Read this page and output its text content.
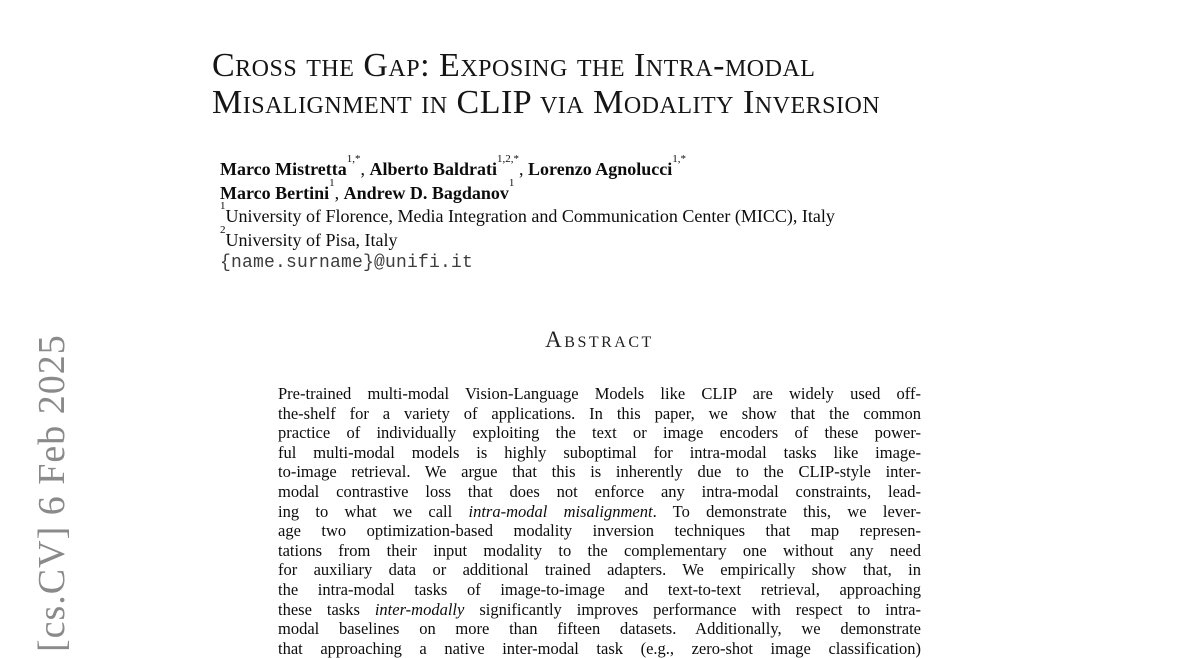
[cs.CV] 6 Feb 2025
Cross the Gap: Exposing the Intra-modal
Misalignment in CLIP via Modality Inversion
Marco Mistretta$^{1,*}$, Alberto Baldrati$^{1,2,*}$, Lorenzo Agnolucci$^{1,*}$
Marco Bertini$^1$, Andrew D. Bagdanov$^1$
$^1$University of Florence, Media Integration and Communication Center (MICC), Italy
$^2$University of Pisa, Italy
{name.surname}@unifi.it
Abstract
Pre-trained multi-modal Vision-Language Models like CLIP are widely used off-
the-shelf for a variety of applications. In this paper, we show that the common
practice of individually exploiting the text or image encoders of these power-
ful multi-modal models is highly suboptimal for intra-modal tasks like image-
to-image retrieval. We argue that this is inherently due to the CLIP-style inter-
modal contrastive loss that does not enforce any intra-modal constraints, lead-
ing to what we call intra-modal misalignment. To demonstrate this, we lever-
age two optimization-based modality inversion techniques that map represen-
tations from their input modality to the complementary one without any need
for auxiliary data or additional trained adapters. We empirically show that, in
the intra-modal tasks of image-to-image and text-to-text retrieval, approaching
these tasks inter-modally significantly improves performance with respect to intra-
modal baselines on more than fifteen datasets. Additionally, we demonstrate
that approaching a native inter-modal task (e.g., zero-shot image classification)
